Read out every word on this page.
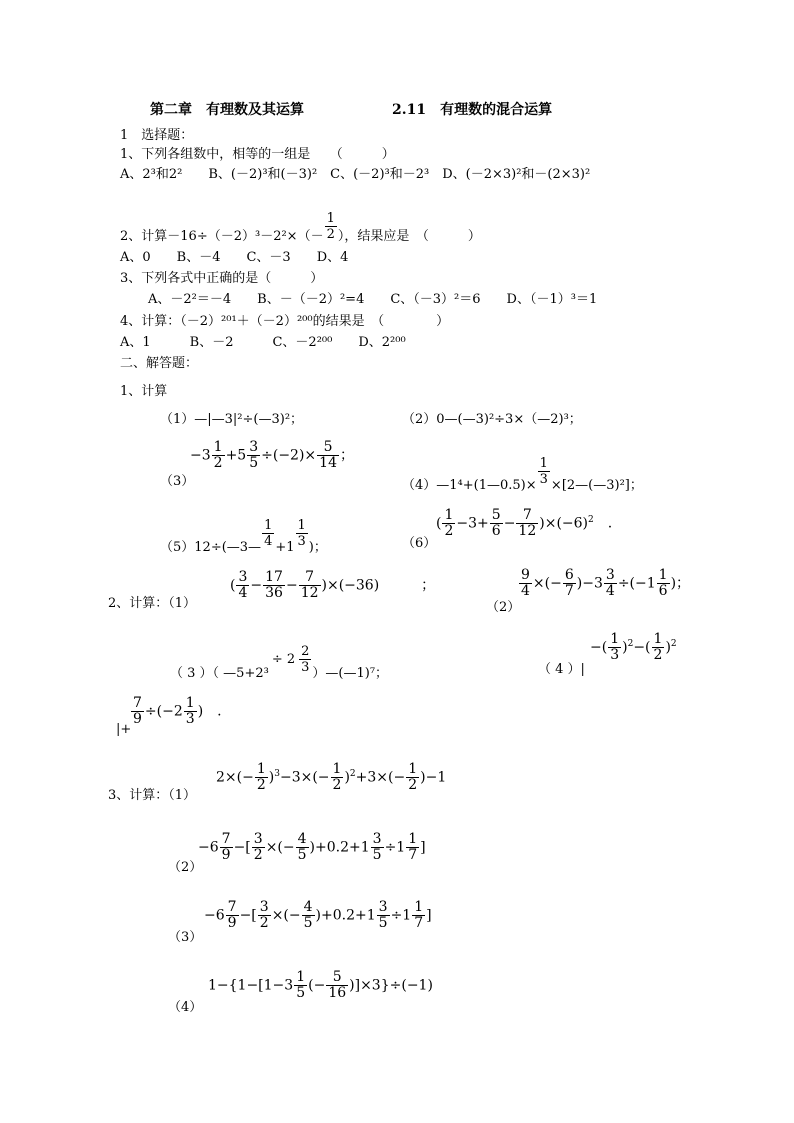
第二章　有理数及其运算	2.11　有理数的混合运算
1　选择题：
1、下列各组数中，相等的一组是　　（　　　）
A、2³和2²　　B、(－2)³和(－3)²　C、(－2)³和－2³　D、(－2×3)²和－(2×3)²
2、计算$-16\div(-2)^3-2^2\times(- \frac{1}{2}$ ），结果应是　（　　　）
A、0　　B、－4　　C、－3　　D、4
3、下列各式中正确的是（　　　）
A、－2²＝－4　　B、－（－2）²=4　　C、（－3）²＝6　　D、（－1）³＝1
4、计算：（－2）²⁰¹＋（－2）²⁰⁰的结果是　（　　　　）
A、1　　　B、－2　　　C、－2²⁰⁰　　D、2²⁰⁰
二、解答题：
1、计算
（1）—|—3|²÷(—3)²；	（2）0—(—3)²÷3×（—2)³；
（3）
$-3 \frac{1}{2} +5 \frac{3}{5} \div(-2)\times \frac{5}{14}$ ；
（4）—1⁴+(1—0.5)× $\frac{1}{3}$ ×[2—(—3)²]；
（5）12÷(—3— $\frac{1}{4} +1 \frac{1}{3}$ )；	（6）
( $\frac{1}{2} -3+ \frac{5}{6} - \frac{7}{12} )\times(-6)^2$　.
2、计算：（1）
( $\frac{3}{4} - \frac{17}{36} - \frac{7}{12} )\times(-36)$　　　；
（2）
$\frac{9}{4}$ ×(− $\frac{6}{7} )-3 \frac{3}{4} \div(-1 \frac{1}{6}$ )；
（ 3 ）（ —5+2³÷ $2 \frac{2}{3}$ ）—(—1)⁷；	（ 4 ）|
−( $\frac{1}{3} )^2-( \frac{1}{2} )^2$
|+
$\frac{7}{9} \div(-2 \frac{1}{3}$ )　.
3、计算：（1）
$2\times(- \frac{1}{2} )^3-3\times(- \frac{1}{2} )^2+3\times(- \frac{1}{2} )-1$
（2）
$-6 \frac{7}{9}$ −[ $\frac{3}{2}$ ×(− $\frac{4}{5} )+0.2+1 \frac{3}{5} \div 1 \frac{1}{7}$ ]
（3）
$-6 \frac{7}{9}$ −[ $\frac{3}{2}$ ×(− $\frac{4}{5} )+0.2+1 \frac{3}{5} \div 1 \frac{1}{7}$ ]
（4）
$1-\{1-[1-3 \frac{1}{5}$ (− $\frac{5}{16} )]\times 3\}\div(-1)$
